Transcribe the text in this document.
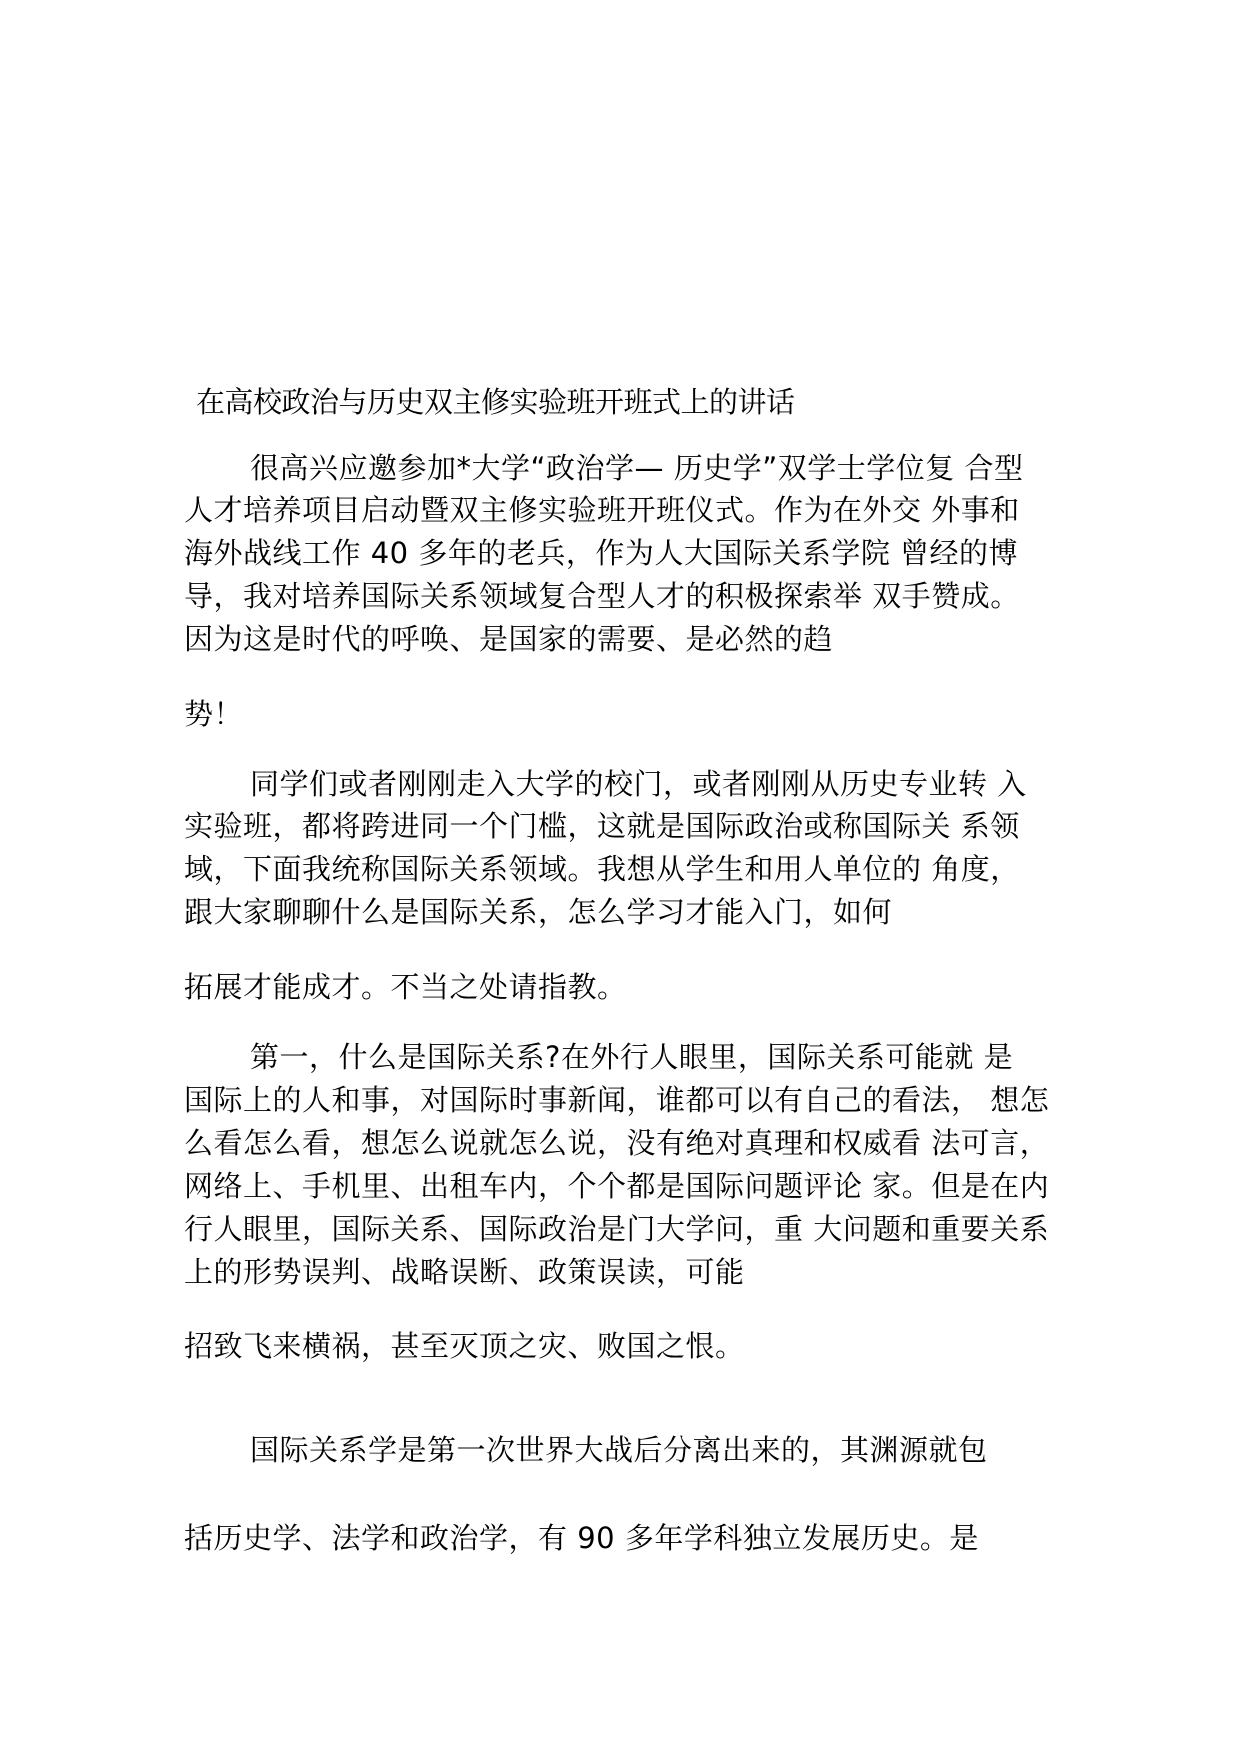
在高校政治与历史双主修实验班开班式上的讲话
很高兴应邀参加*大学“政治学— 历史学”双学士学位复 合型
人才培养项目启动暨双主修实验班开班仪式。作为在外交 外事和
海外战线工作 40 多年的老兵，作为人大国际关系学院 曾经的博
导，我对培养国际关系领域复合型人才的积极探索举 双手赞成。
因为这是时代的呼唤、是国家的需要、是必然的趋
势！
同学们或者刚刚走入大学的校门，或者刚刚从历史专业转 入
实验班，都将跨进同一个门槛，这就是国际政治或称国际关 系领
域，下面我统称国际关系领域。我想从学生和用人单位的 角度，
跟大家聊聊什么是国际关系，怎么学习才能入门，如何
拓展才能成才。不当之处请指教。
第一，什么是国际关系?在外行人眼里，国际关系可能就 是
国际上的人和事，对国际时事新闻，谁都可以有自己的看法， 想怎
么看怎么看，想怎么说就怎么说，没有绝对真理和权威看 法可言，
网络上、手机里、出租车内，个个都是国际问题评论 家。但是在内
行人眼里，国际关系、国际政治是门大学问，重 大问题和重要关系
上的形势误判、战略误断、政策误读，可能
招致飞来横祸，甚至灭顶之灾、败国之恨。
国际关系学是第一次世界大战后分离出来的，其渊源就包
括历史学、法学和政治学，有 90 多年学科独立发展历史。是
